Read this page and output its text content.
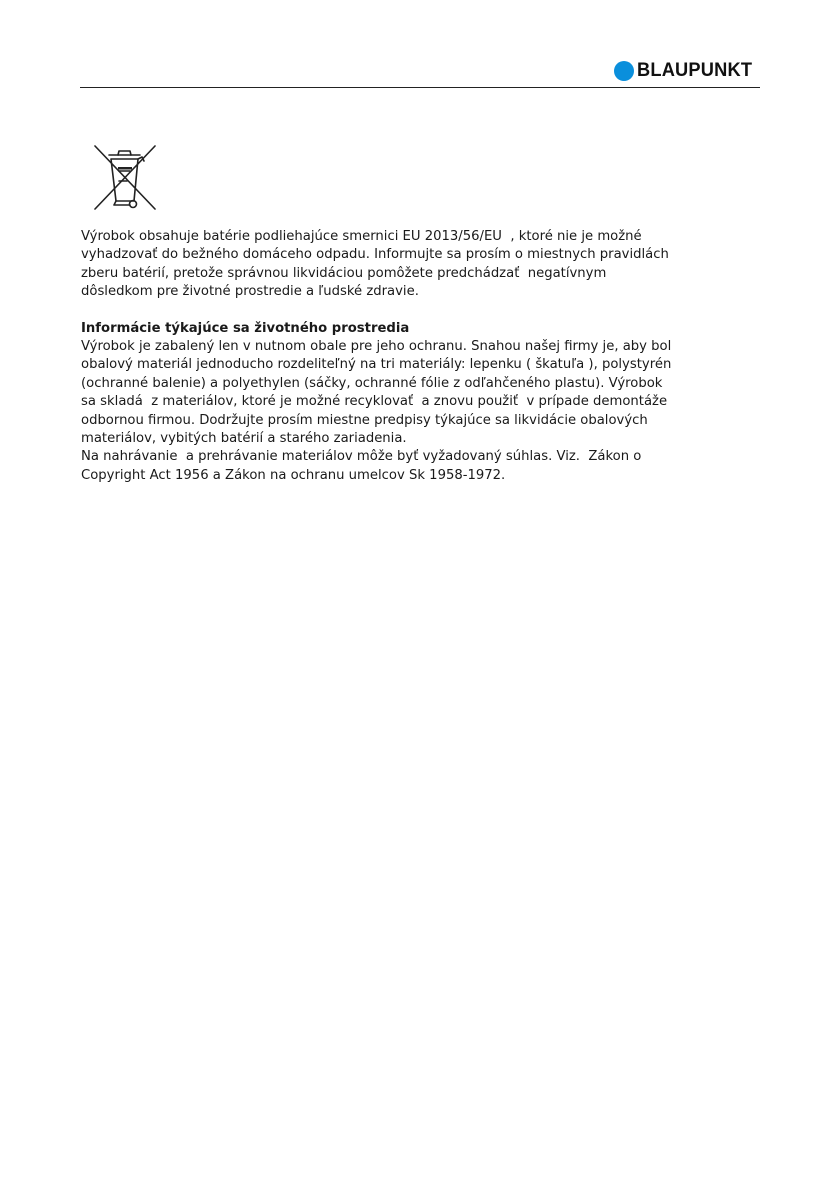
BLAUPUNKT
Výrobok obsahuje batérie podliehajúce smernici EU 2013/56/EU  , ktoré nie je možné
vyhadzovať do bežného domáceho odpadu. Informujte sa prosím o miestnych pravidlách
zberu batérií, pretože správnou likvidáciou pomôžete predchádzať  negatívnym
dôsledkom pre životné prostredie a ľudské zdravie.
Informácie týkajúce sa životného prostredia
Výrobok je zabalený len v nutnom obale pre jeho ochranu. Snahou našej firmy je, aby bol
obalový materiál jednoducho rozdeliteľný na tri materiály: lepenku ( škatuľa ), polystyrén
(ochranné balenie) a polyethylen (sáčky, ochranné fólie z odľahčeného plastu). Výrobok
sa skladá  z materiálov, ktoré je možné recyklovať  a znovu použiť  v prípade demontáže
odbornou firmou. Dodržujte prosím miestne predpisy týkajúce sa likvidácie obalových
materiálov, vybitých batérií a starého zariadenia.
Na nahrávanie  a prehrávanie materiálov môže byť vyžadovaný súhlas. Viz.  Zákon o
Copyright Act 1956 a Zákon na ochranu umelcov Sk 1958-1972.
